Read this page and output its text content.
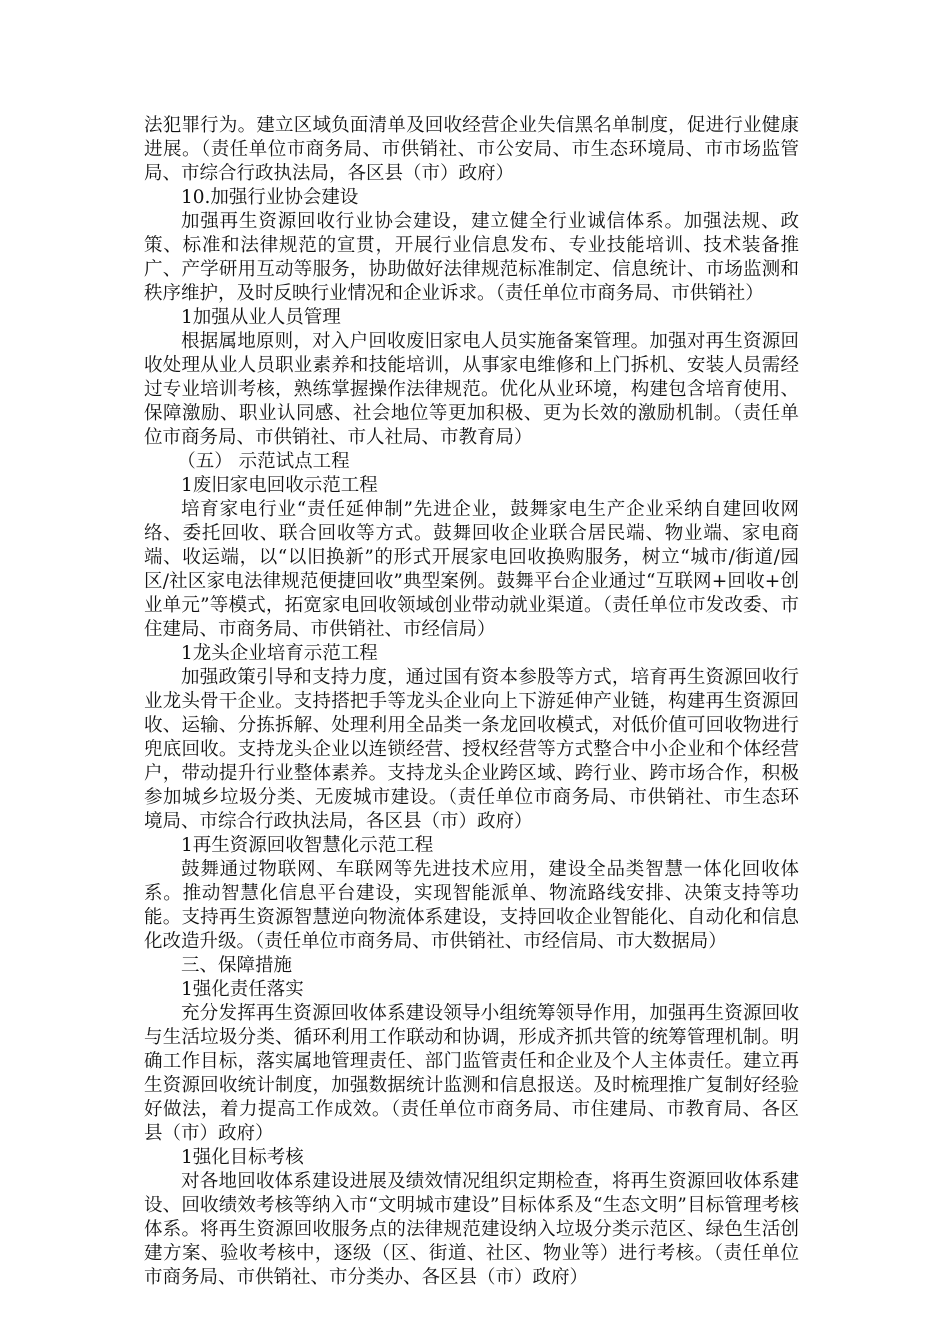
法犯罪行为。建立区域负面清单及回收经营企业失信黑名单制度，促进行业健康进展。（责任单位市商务局、市供销社、市公安局、市生态环境局、市市场监管局、市综合行政执法局，各区县（市）政府）

10.加强行业协会建设

加强再生资源回收行业协会建设，建立健全行业诚信体系。加强法规、政策、标准和法律规范的宣贯，开展行业信息发布、专业技能培训、技术装备推广、产学研用互动等服务，协助做好法律规范标准制定、信息统计、市场监测和秩序维护，及时反映行业情况和企业诉求。（责任单位市商务局、市供销社）

1加强从业人员管理

根据属地原则，对入户回收废旧家电人员实施备案管理。加强对再生资源回收处理从业人员职业素养和技能培训，从事家电维修和上门拆机、安装人员需经过专业培训考核，熟练掌握操作法律规范。优化从业环境，构建包含培育使用、保障激励、职业认同感、社会地位等更加积极、更为长效的激励机制。（责任单位市商务局、市供销社、市人社局、市教育局）

（五） 示范试点工程

1废旧家电回收示范工程

培育家电行业“责任延伸制”先进企业，鼓舞家电生产企业采纳自建回收网络、委托回收、联合回收等方式。鼓舞回收企业联合居民端、物业端、家电商端、收运端，以“以旧换新”的形式开展家电回收换购服务，树立“城市/街道/园区/社区家电法律规范便捷回收”典型案例。鼓舞平台企业通过“互联网+回收+创业单元”等模式，拓宽家电回收领域创业带动就业渠道。（责任单位市发改委、市住建局、市商务局、市供销社、市经信局）

1龙头企业培育示范工程

加强政策引导和支持力度，通过国有资本参股等方式，培育再生资源回收行业龙头骨干企业。支持搭把手等龙头企业向上下游延伸产业链，构建再生资源回收、运输、分拣拆解、处理利用全品类一条龙回收模式，对低价值可回收物进行兜底回收。支持龙头企业以连锁经营、授权经营等方式整合中小企业和个体经营户，带动提升行业整体素养。支持龙头企业跨区域、跨行业、跨市场合作，积极参加城乡垃圾分类、无废城市建设。（责任单位市商务局、市供销社、市生态环境局、市综合行政执法局，各区县（市）政府）

1再生资源回收智慧化示范工程

鼓舞通过物联网、车联网等先进技术应用，建设全品类智慧一体化回收体系。推动智慧化信息平台建设，实现智能派单、物流路线安排、决策支持等功能。支持再生资源智慧逆向物流体系建设，支持回收企业智能化、自动化和信息化改造升级。（责任单位市商务局、市供销社、市经信局、市大数据局）

三、保障措施

1强化责任落实

充分发挥再生资源回收体系建设领导小组统筹领导作用，加强再生资源回收与生活垃圾分类、循环利用工作联动和协调，形成齐抓共管的统筹管理机制。明确工作目标，落实属地管理责任、部门监管责任和企业及个人主体责任。建立再生资源回收统计制度，加强数据统计监测和信息报送。及时梳理推广复制好经验好做法，着力提高工作成效。（责任单位市商务局、市住建局、市教育局、各区县（市）政府）

1强化目标考核

对各地回收体系建设进展及绩效情况组织定期检查，将再生资源回收体系建设、回收绩效考核等纳入市“文明城市建设”目标体系及“生态文明”目标管理考核体系。将再生资源回收服务点的法律规范建设纳入垃圾分类示范区、绿色生活创建方案、验收考核中，逐级（区、街道、社区、物业等）进行考核。（责任单位市商务局、市供销社、市分类办、各区县（市）政府）
